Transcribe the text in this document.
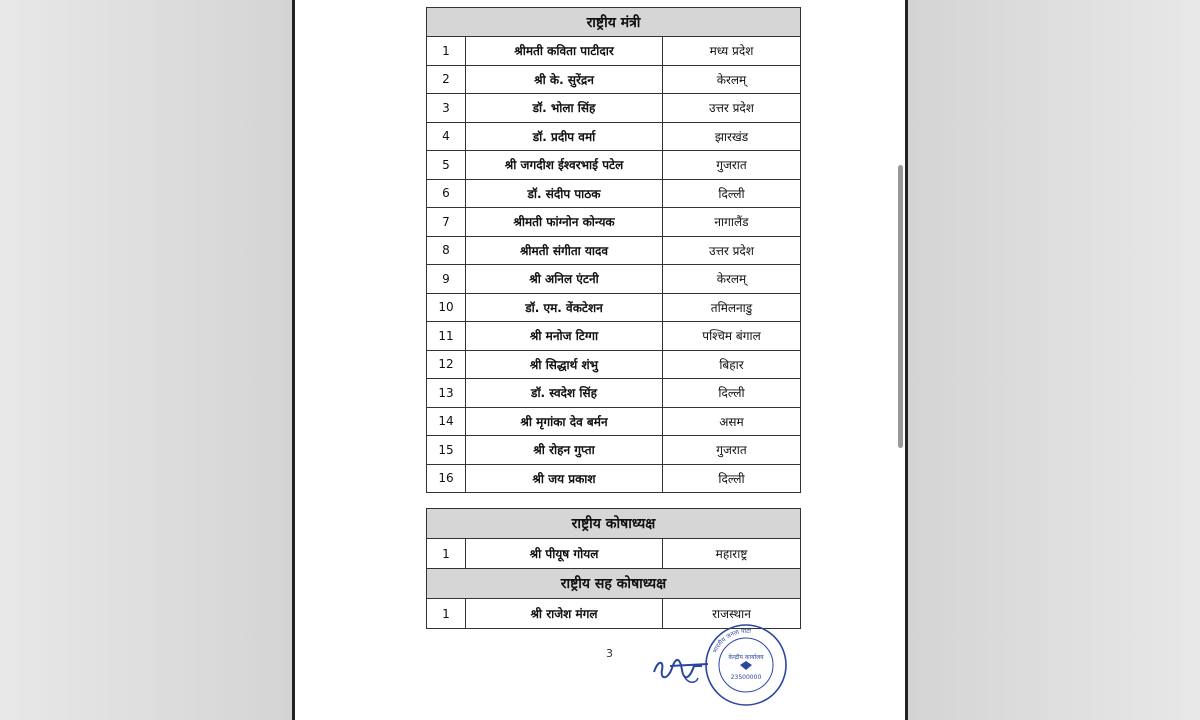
राष्ट्रीय मंत्री		
1	श्रीमती कविता पाटीदार	मध्य प्रदेश
2	श्री के. सुरेंद्रन	केरलम्
3	डॉ. भोला सिंह	उत्तर प्रदेश
4	डॉ. प्रदीप वर्मा	झारखंड
5	श्री जगदीश ईश्वरभाई पटेल	गुजरात
6	डॉ. संदीप पाठक	दिल्ली
7	श्रीमती फांग्नोन कोन्यक	नागालैंड
8	श्रीमती संगीता यादव	उत्तर प्रदेश
9	श्री अनिल एंटनी	केरलम्
10	डॉ. एम. वेंकटेशन	तमिलनाडु
11	श्री मनोज टिग्गा	पश्चिम बंगाल
12	श्री सिद्धार्थ शंभु	बिहार
13	डॉ. स्वदेश सिंह	दिल्ली
14	श्री मृगांका देव बर्मन	असम
15	श्री रोहन गुप्ता	गुजरात
16	श्री जय प्रकाश	दिल्ली
राष्ट्रीय कोषाध्यक्ष		
1	श्री पीयूष गोयल	महाराष्ट्र
राष्ट्रीय सह कोषाध्यक्ष		
1	श्री राजेश मंगल	राजस्थान
3	भारतीय जनता पार्टी
केन्द्रीय कार्यालय
23500000
